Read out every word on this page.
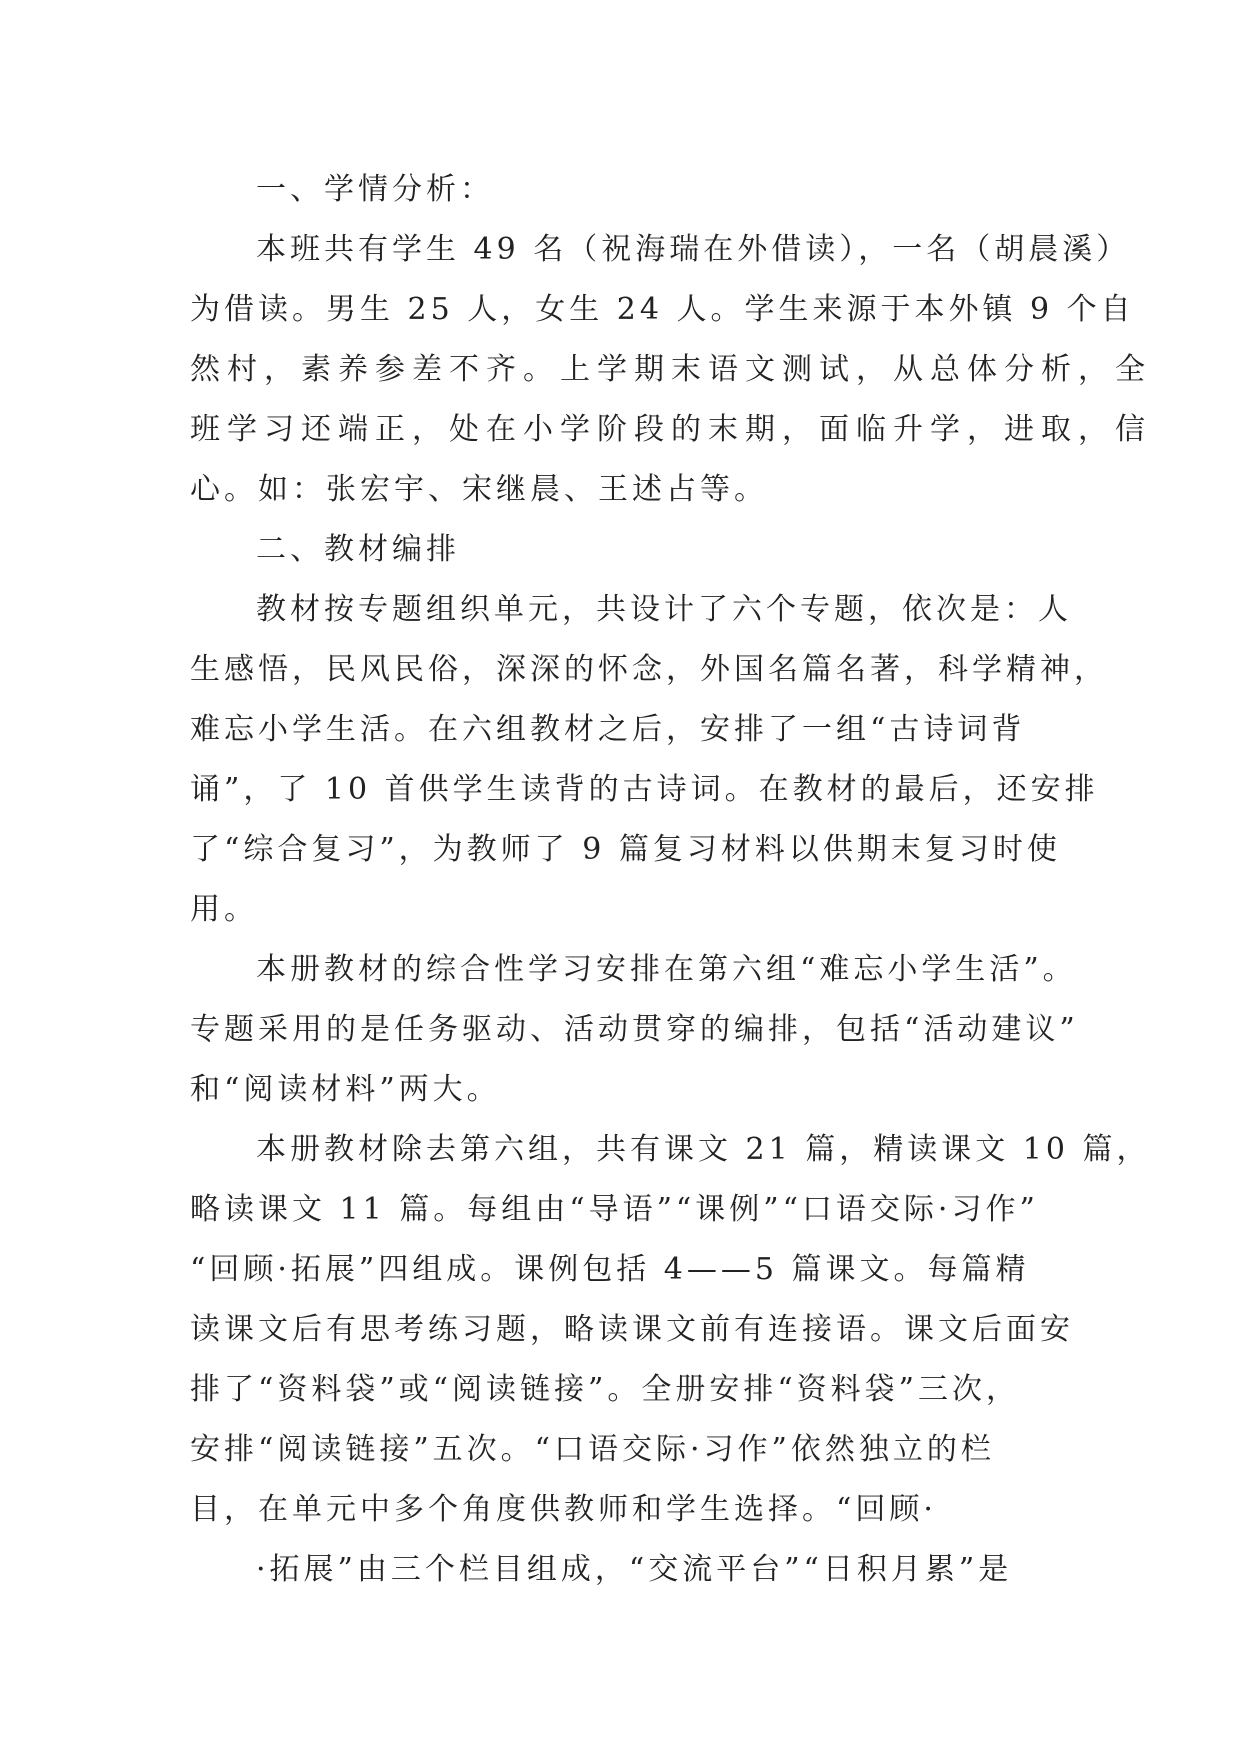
一、学情分析：
本班共有学生 49 名（祝海瑞在外借读），一名（胡晨溪）
为借读。男生 25 人，女生 24 人。学生来源于本外镇 9 个自
然村，素养参差不齐。上学期末语文测试，从总体分析，全
班学习还端正，处在小学阶段的末期，面临升学，进取，信
心。如：张宏宇、宋继晨、王述占等。
二、教材编排
教材按专题组织单元，共设计了六个专题，依次是：人
生感悟，民风民俗，深深的怀念，外国名篇名著，科学精神，
难忘小学生活。在六组教材之后，安排了一组“古诗词背
诵”，了 10 首供学生读背的古诗词。在教材的最后，还安排
了“综合复习”，为教师了 9 篇复习材料以供期末复习时使
用。
本册教材的综合性学习安排在第六组“难忘小学生活”。
专题采用的是任务驱动、活动贯穿的编排，包括“活动建议”
和“阅读材料”两大。
本册教材除去第六组，共有课文 21 篇，精读课文 10 篇，
略读课文 11 篇。每组由“导语”“课例”“口语交际·习作”
“回顾·拓展”四组成。课例包括 4——5 篇课文。每篇精
读课文后有思考练习题，略读课文前有连接语。课文后面安
排了“资料袋”或“阅读链接”。全册安排“资料袋”三次，
安排“阅读链接”五次。“口语交际·习作”依然独立的栏
目，在单元中多个角度供教师和学生选择。“回顾·
·拓展”由三个栏目组成，“交流平台”“日积月累”是
